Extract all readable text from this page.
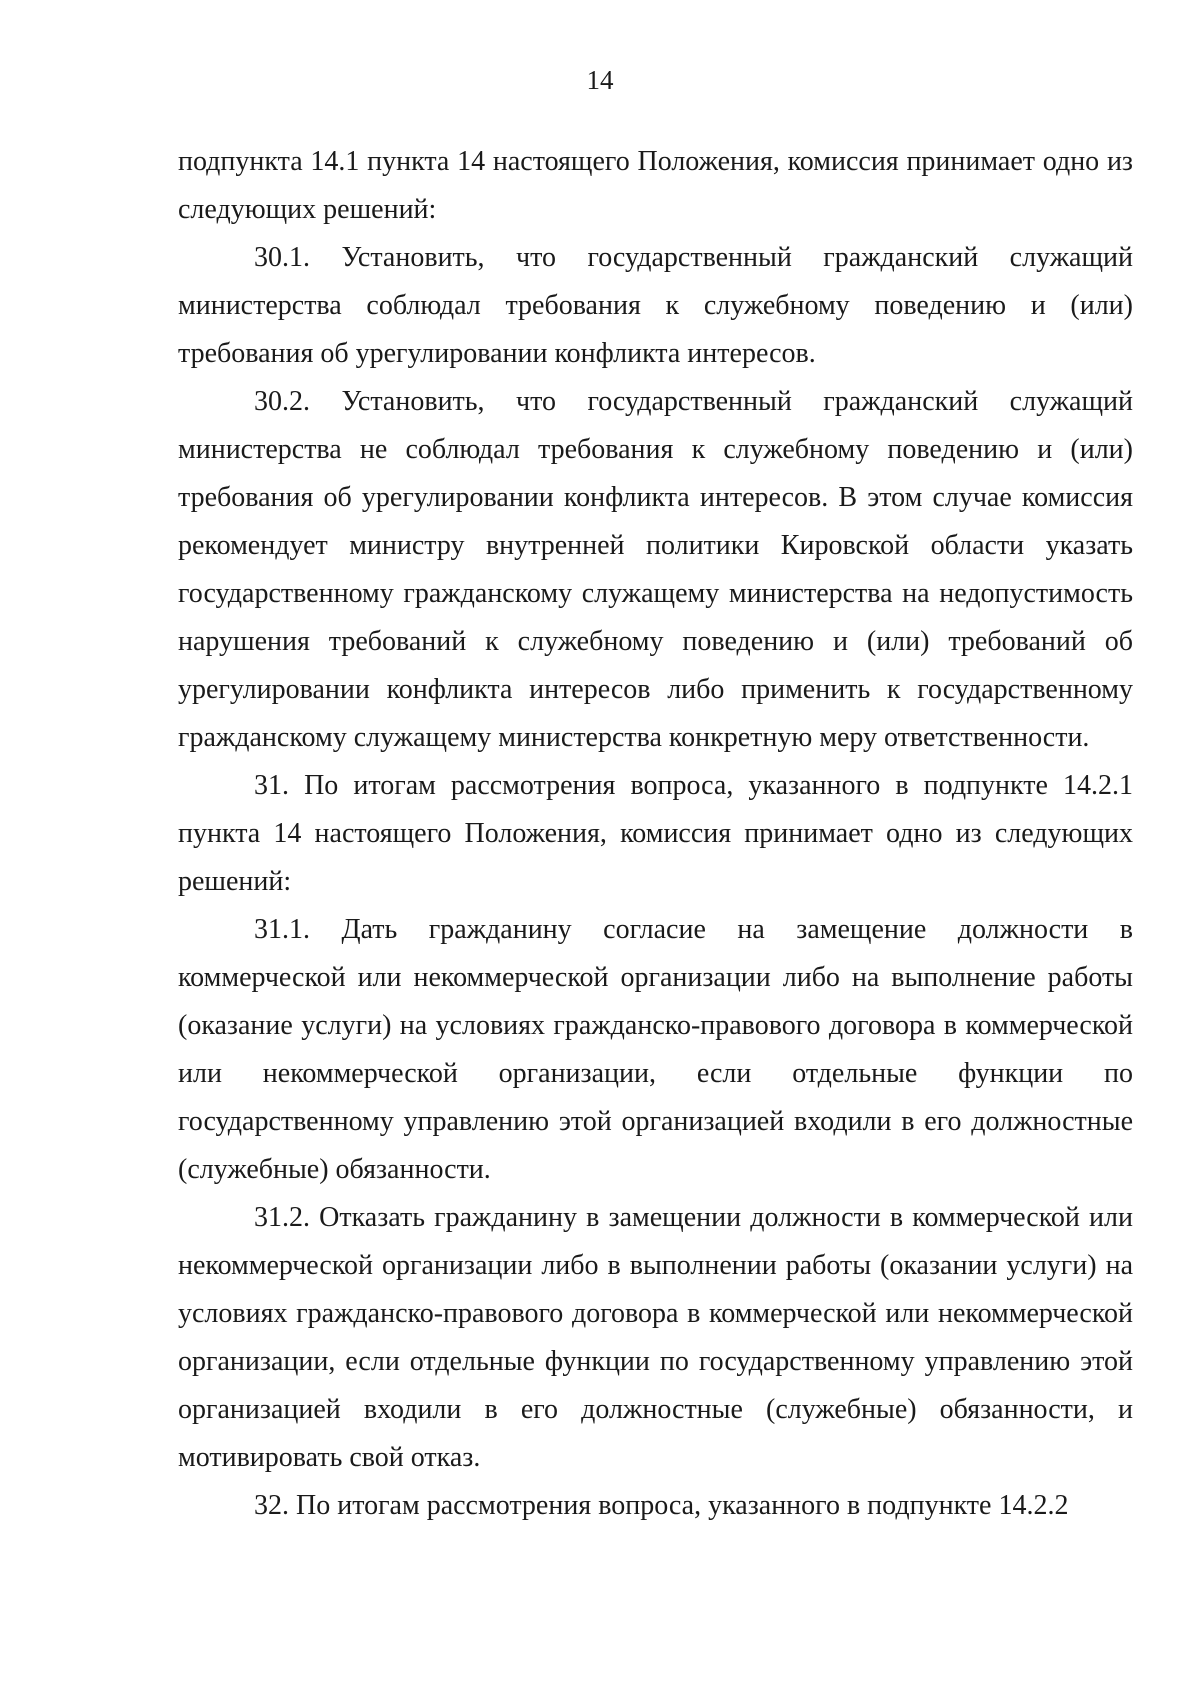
14

подпункта 14.1 пункта 14 настоящего Положения, комиссия принимает одно из следующих решений:

30.1. Установить, что государственный гражданский служащий министерства соблюдал требования к служебному поведению и (или) требования об урегулировании конфликта интересов.

30.2. Установить, что государственный гражданский служащий министерства не соблюдал требования к служебному поведению и (или) требования об урегулировании конфликта интересов. В этом случае комиссия рекомендует министру внутренней политики Кировской области указать государственному гражданскому служащему министерства на недопустимость нарушения требований к служебному поведению и (или) требований об урегулировании конфликта интересов либо применить к государственному гражданскому служащему министерства конкретную меру ответственности.

31. По итогам рассмотрения вопроса, указанного в подпункте 14.2.1 пункта 14 настоящего Положения, комиссия принимает одно из следующих решений:

31.1. Дать гражданину согласие на замещение должности в коммерческой или некоммерческой организации либо на выполнение работы (оказание услуги) на условиях гражданско-правового договора в коммерческой или некоммерческой организации, если отдельные функции по государственному управлению этой организацией входили в его должностные (служебные) обязанности.

31.2. Отказать гражданину в замещении должности в коммерческой или некоммерческой организации либо в выполнении работы (оказании услуги) на условиях гражданско-правового договора в коммерческой или некоммерческой организации, если отдельные функции по государственному управлению этой организацией входили в его должностные (служебные) обязанности, и мотивировать свой отказ.

32. По итогам рассмотрения вопроса, указанного в подпункте 14.2.2
